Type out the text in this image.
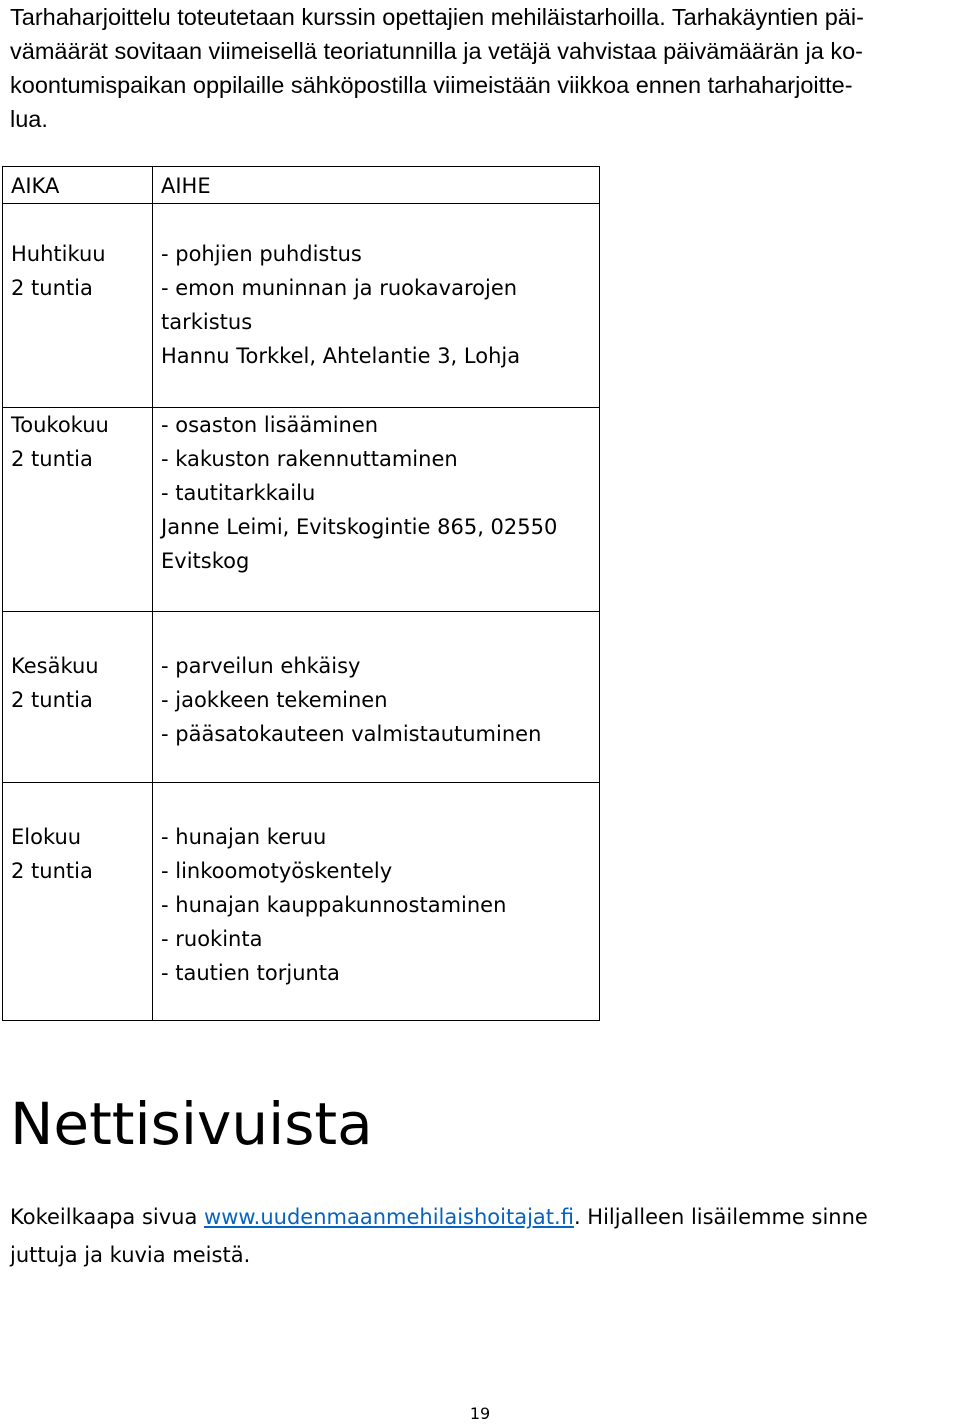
Tarhaharjoittelu toteutetaan kurssin opettajien mehiläistarhoilla. Tarhakäyntien päi-
vämäärät sovitaan viimeisellä teoriatunnilla ja vetäjä vahvistaa päivämäärän ja ko-
koontumispaikan oppilaille sähköpostilla viimeistään viikkoa ennen tarhaharjoitte-
lua.
AIKA	AIHE

Huhtikuu
2 tuntia	- pohjien puhdistus
- emon muninnan ja ruokavarojen
tarkistus
Hannu Torkkel, Ahtelantie 3, Lohja

Toukokuu
2 tuntia	- osaston lisääminen
- kakuston rakennuttaminen
- tautitarkkailu
Janne Leimi, Evitskogintie 865, 02550
Evitskog

Kesäkuu
2 tuntia	- parveilun ehkäisy
- jaokkeen tekeminen
- pääsatokauteen valmistautuminen

Elokuu
2 tuntia	- hunajan keruu
- linkoomotyöskentely
- hunajan kauppakunnostaminen
- ruokinta
- tautien torjunta
Nettisivuista

Kokeilkaapa sivua www.uudenmaanmehilaishoitajat.fi. Hiljalleen lisäilemme sinne
juttuja ja kuvia meistä.

19
